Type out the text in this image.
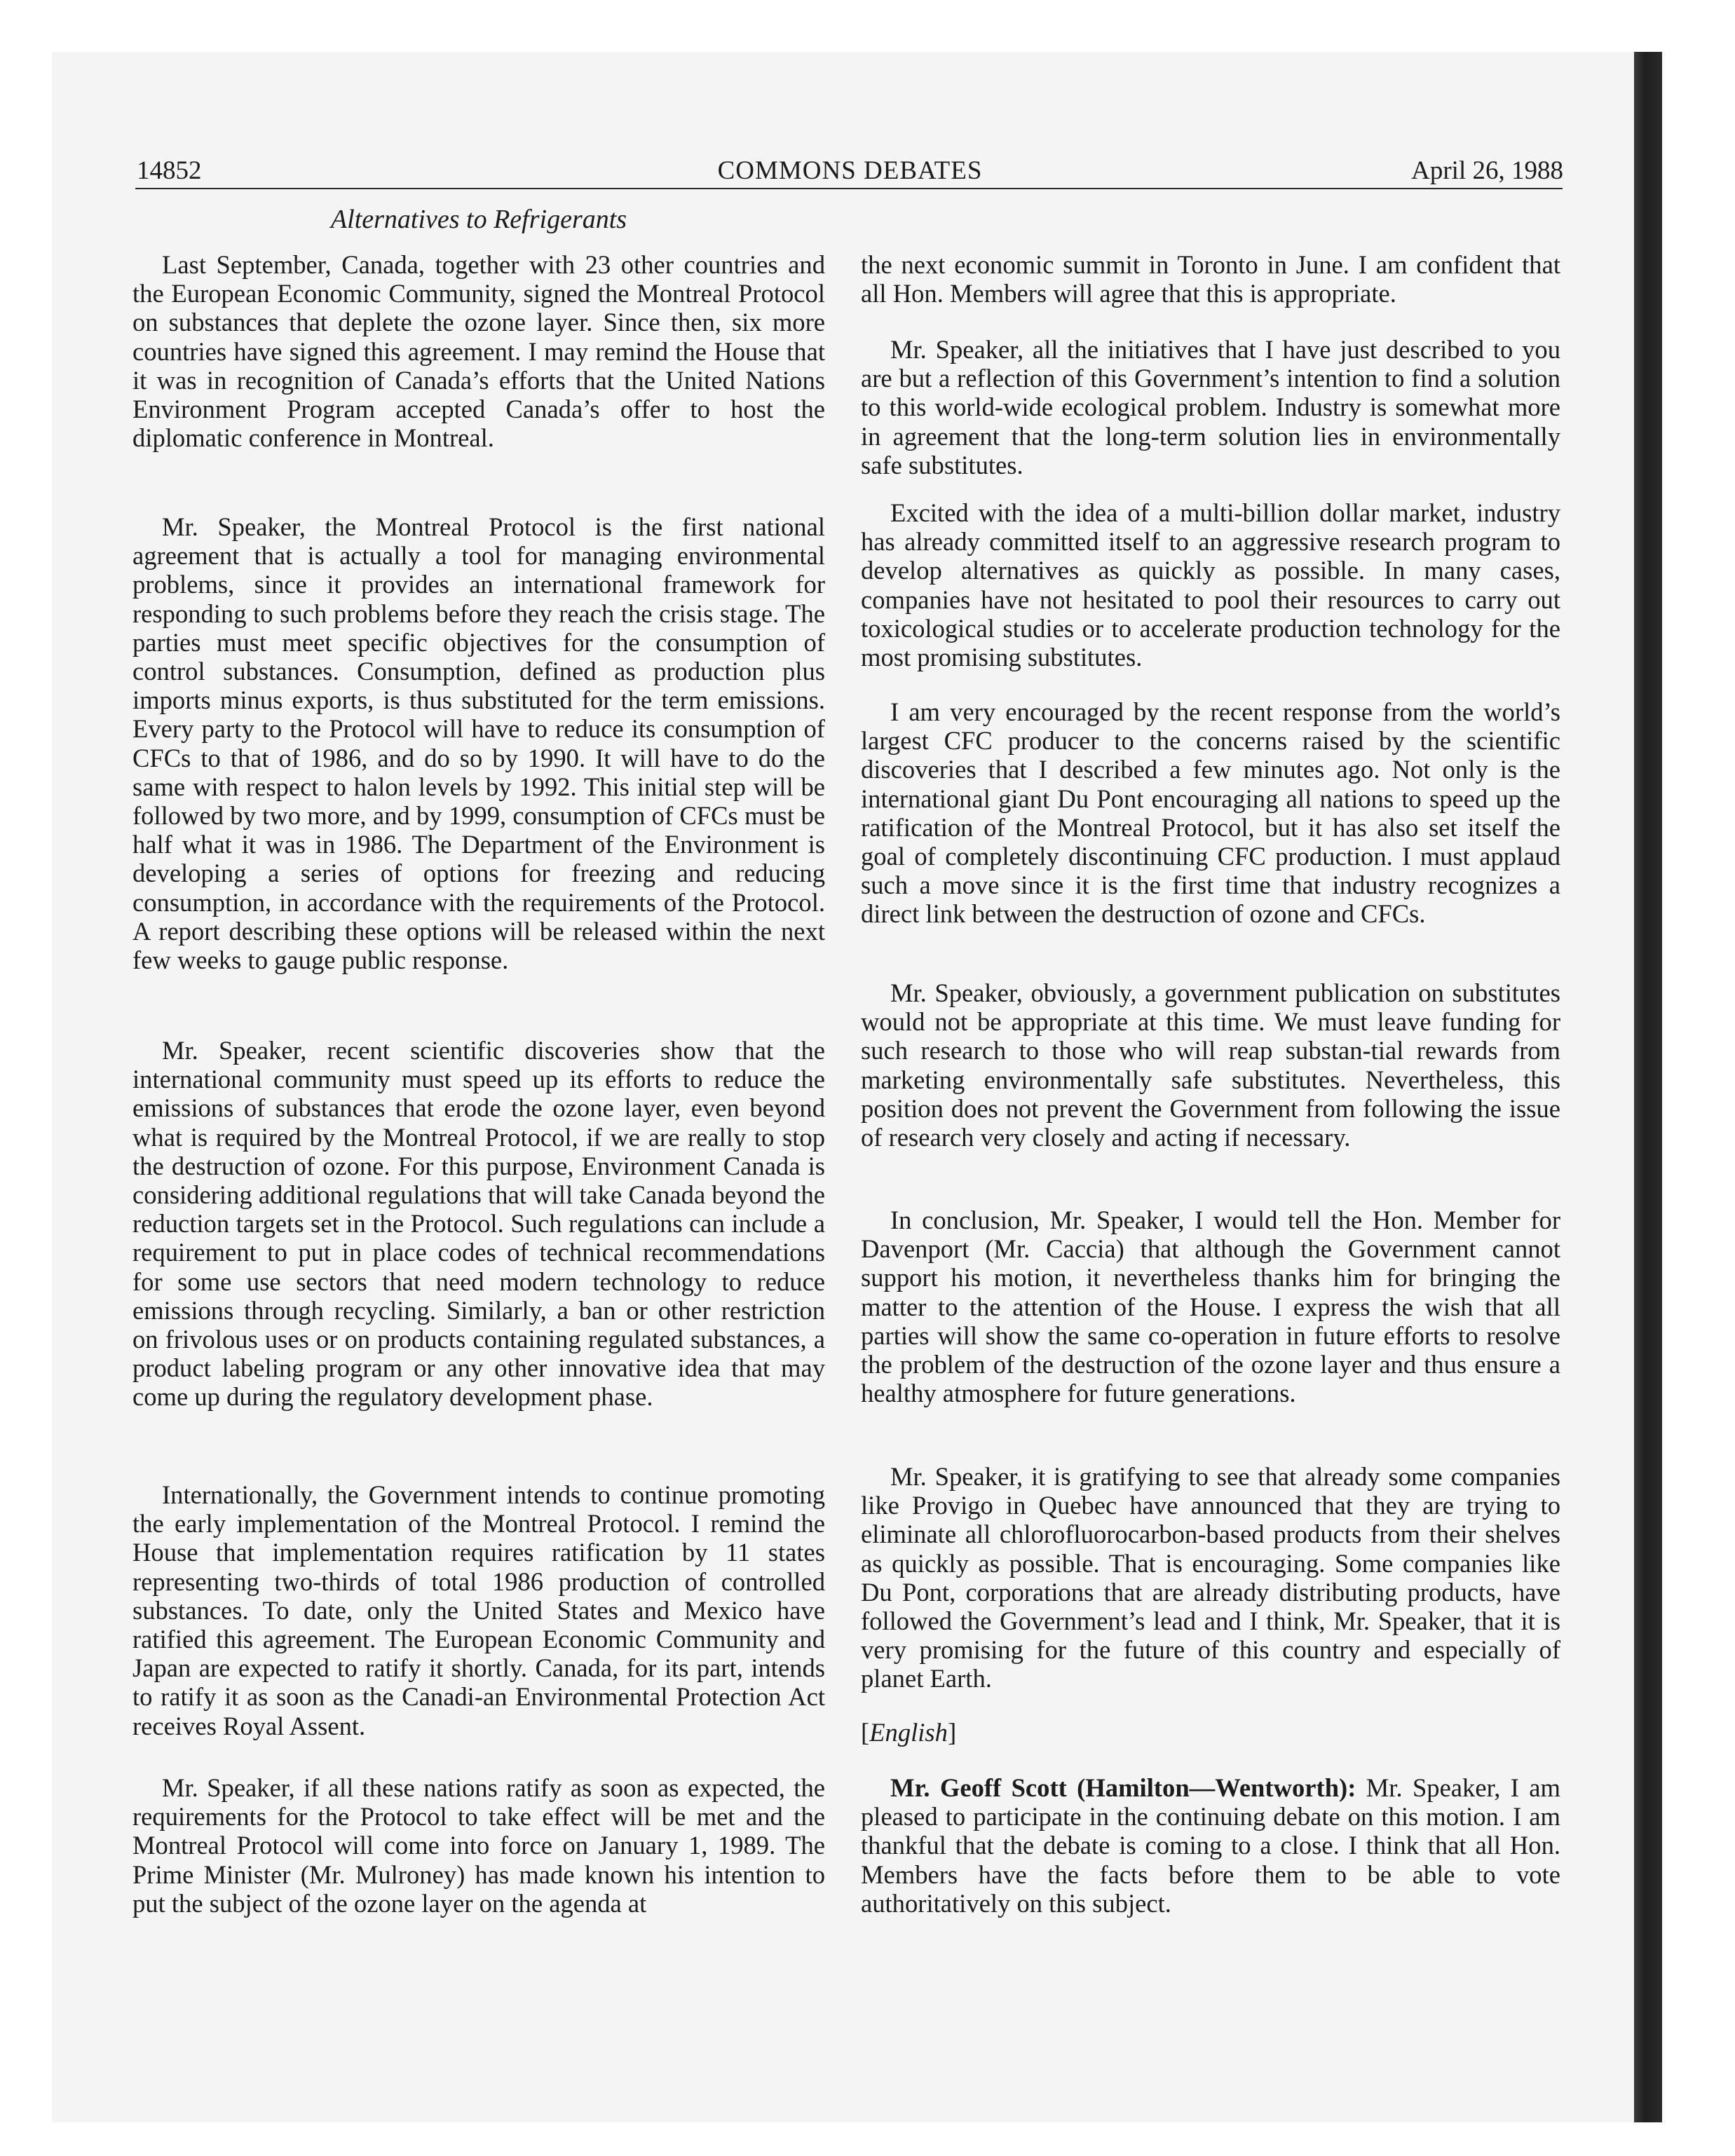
14852	COMMONS DEBATES	April 26, 1988
Alternatives to Refrigerants

Last September, Canada, together with 23 other countries and the European Economic Community, signed the Montreal Protocol on substances that deplete the ozone layer. Since then, six more countries have signed this agreement. I may remind the House that it was in recognition of Canada’s efforts that the United Nations Environment Program accepted Canada’s offer to host the diplomatic conference in Montreal.

Mr. Speaker, the Montreal Protocol is the first national agreement that is actually a tool for managing environmental problems, since it provides an international framework for responding to such problems before they reach the crisis stage. The parties must meet specific objectives for the consumption of control substances. Consumption, defined as production plus imports minus exports, is thus substituted for the term emissions. Every party to the Protocol will have to reduce its consumption of CFCs to that of 1986, and do so by 1990. It will have to do the same with respect to halon levels by 1992. This initial step will be followed by two more, and by 1999, consumption of CFCs must be half what it was in 1986. The Department of the Environment is developing a series of options for freezing and reducing consumption, in accordance with the requirements of the Protocol. A report describing these options will be released within the next few weeks to gauge public response.

Mr. Speaker, recent scientific discoveries show that the international community must speed up its efforts to reduce the emissions of substances that erode the ozone layer, even beyond what is required by the Montreal Protocol, if we are really to stop the destruction of ozone. For this purpose, Environment Canada is considering additional regulations that will take Canada beyond the reduction targets set in the Protocol. Such regulations can include a requirement to put in place codes of technical recommendations for some use sectors that need modern technology to reduce emissions through recycling. Similarly, a ban or other restriction on frivolous uses or on products containing regulated substances, a product labeling program or any other innovative idea that may come up during the regulatory development phase.

Internationally, the Government intends to continue promoting the early implementation of the Montreal Protocol. I remind the House that implementation requires ratification by 11 states representing two-thirds of total 1986 production of controlled substances. To date, only the United States and Mexico have ratified this agreement. The European Economic Community and Japan are expected to ratify it shortly. Canada, for its part, intends to ratify it as soon as the Canadi-an Environmental Protection Act receives Royal Assent.

Mr. Speaker, if all these nations ratify as soon as expected, the requirements for the Protocol to take effect will be met and the Montreal Protocol will come into force on January 1, 1989. The Prime Minister (Mr. Mulroney) has made known his intention to put the subject of the ozone layer on the agenda at

the next economic summit in Toronto in June. I am confident that all Hon. Members will agree that this is appropriate.

Mr. Speaker, all the initiatives that I have just described to you are but a reflection of this Government’s intention to find a solution to this world-wide ecological problem. Industry is somewhat more in agreement that the long-term solution lies in environmentally safe substitutes.

Excited with the idea of a multi-billion dollar market, industry has already committed itself to an aggressive research program to develop alternatives as quickly as possible. In many cases, companies have not hesitated to pool their resources to carry out toxicological studies or to accelerate production technology for the most promising substitutes.

I am very encouraged by the recent response from the world’s largest CFC producer to the concerns raised by the scientific discoveries that I described a few minutes ago. Not only is the international giant Du Pont encouraging all nations to speed up the ratification of the Montreal Protocol, but it has also set itself the goal of completely discontinuing CFC production. I must applaud such a move since it is the first time that industry recognizes a direct link between the destruction of ozone and CFCs.

Mr. Speaker, obviously, a government publication on substitutes would not be appropriate at this time. We must leave funding for such research to those who will reap substan-tial rewards from marketing environmentally safe substitutes. Nevertheless, this position does not prevent the Government from following the issue of research very closely and acting if necessary.

In conclusion, Mr. Speaker, I would tell the Hon. Member for Davenport (Mr. Caccia) that although the Government cannot support his motion, it nevertheless thanks him for bringing the matter to the attention of the House. I express the wish that all parties will show the same co-operation in future efforts to resolve the problem of the destruction of the ozone layer and thus ensure a healthy atmosphere for future generations.

Mr. Speaker, it is gratifying to see that already some companies like Provigo in Quebec have announced that they are trying to eliminate all chlorofluorocarbon-based products from their shelves as quickly as possible. That is encouraging. Some companies like Du Pont, corporations that are already distributing products, have followed the Government’s lead and I think, Mr. Speaker, that it is very promising for the future of this country and especially of planet Earth.

[English]

Mr. Geoff Scott (Hamilton—Wentworth): Mr. Speaker, I am pleased to participate in the continuing debate on this motion. I am thankful that the debate is coming to a close. I think that all Hon. Members have the facts before them to be able to vote authoritatively on this subject.
